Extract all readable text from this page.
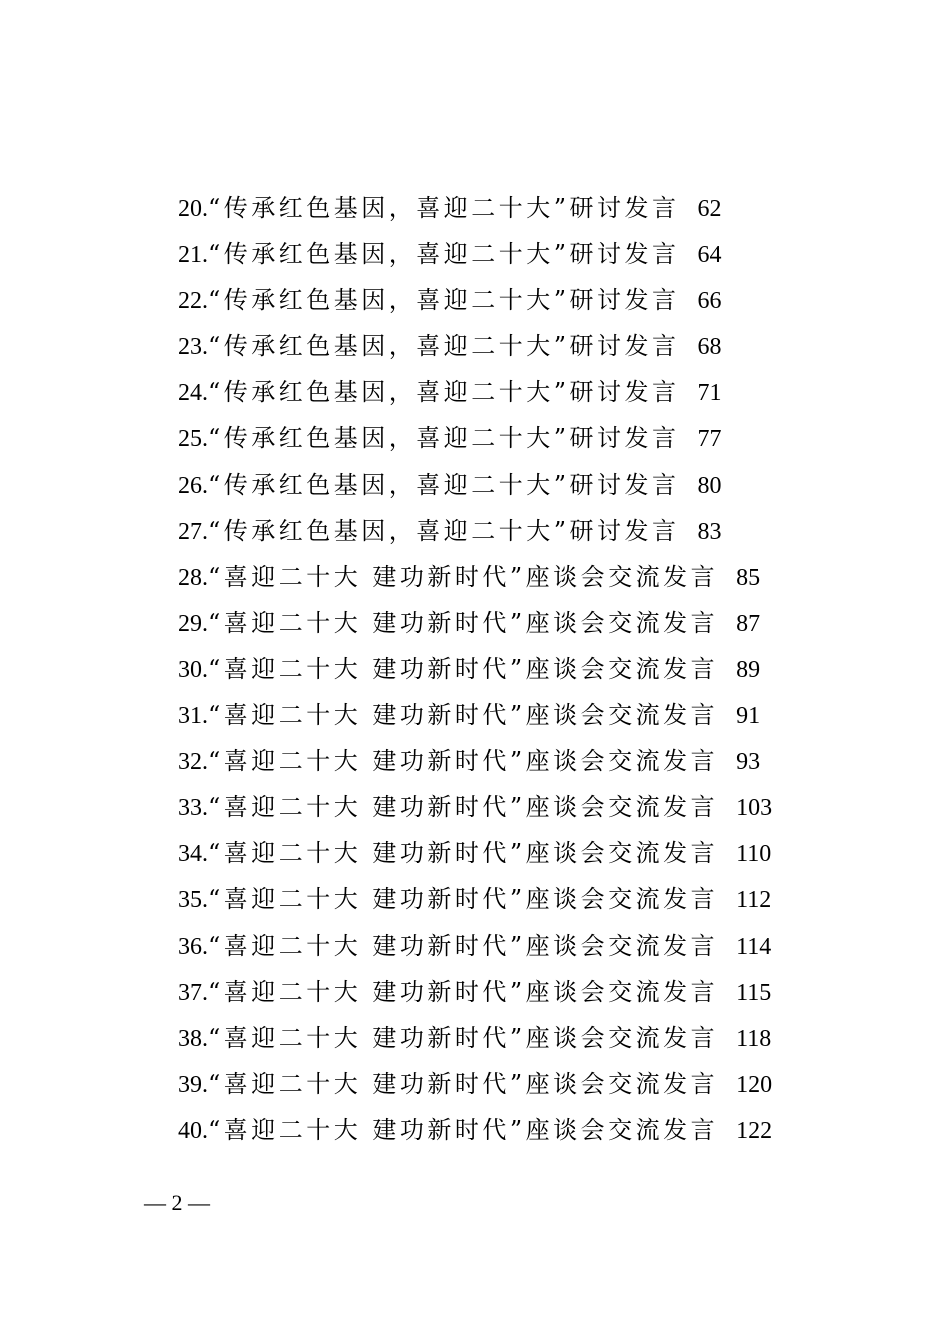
20.“传承红色基因，喜迎二十大”研讨发言 62
21.“传承红色基因，喜迎二十大”研讨发言 64
22.“传承红色基因，喜迎二十大”研讨发言 66
23.“传承红色基因，喜迎二十大”研讨发言 68
24.“传承红色基因，喜迎二十大”研讨发言 71
25.“传承红色基因，喜迎二十大”研讨发言 77
26.“传承红色基因，喜迎二十大”研讨发言 80
27.“传承红色基因，喜迎二十大”研讨发言 83
28.“喜迎二十大 建功新时代”座谈会交流发言 85
29.“喜迎二十大 建功新时代”座谈会交流发言 87
30.“喜迎二十大 建功新时代”座谈会交流发言 89
31.“喜迎二十大 建功新时代”座谈会交流发言 91
32.“喜迎二十大 建功新时代”座谈会交流发言 93
33.“喜迎二十大 建功新时代”座谈会交流发言 103
34.“喜迎二十大 建功新时代”座谈会交流发言 110
35.“喜迎二十大 建功新时代”座谈会交流发言 112
36.“喜迎二十大 建功新时代”座谈会交流发言 114
37.“喜迎二十大 建功新时代”座谈会交流发言 115
38.“喜迎二十大 建功新时代”座谈会交流发言 118
39.“喜迎二十大 建功新时代”座谈会交流发言 120
40.“喜迎二十大 建功新时代”座谈会交流发言 122
— 2 —
